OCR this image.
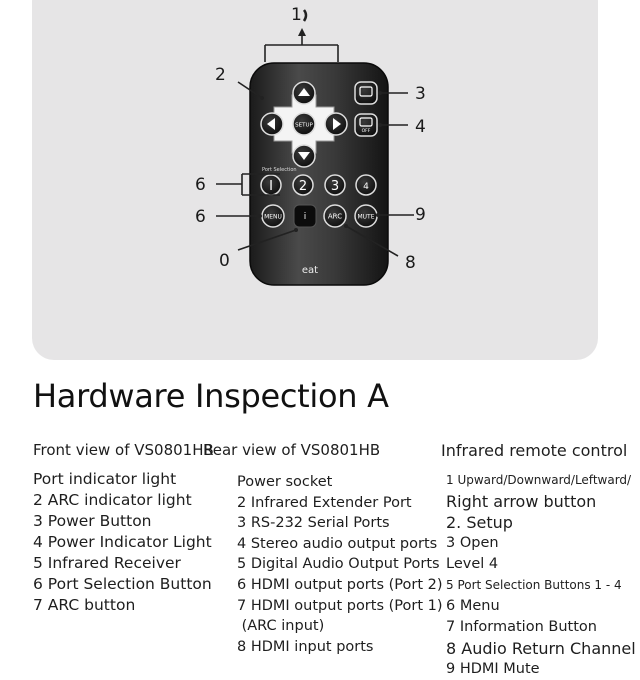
1
SETUP
OFF
Port Selection
I 2 3	4
MENU i	ARC	MUTE
eat
2
3
4
6
6	9
0	8
Hardware Inspection A
Front view of VS0801HB
Rear view of VS0801HB	Infrared remote control
Port indicator light
2 ARC indicator light
3 Power Button
4 Power Indicator Light
5 Infrared Receiver
6 Port Selection Button
7 ARC button
Power socket
2 Infrared Extender Port
3 RS-232 Serial Ports
4 Stereo audio output ports
5 Digital Audio Output Ports
6 HDMI output ports (Port 2)
7 HDMI output ports (Port 1)
(ARC input)
8 HDMI input ports
1 Upward/Downward/Leftward/
Right arrow button
2. Setup
3 Open
Level 4
5 Port Selection Buttons 1 - 4
6 Menu
7 Information Button
8 Audio Return Channel
9 HDMI Mute
